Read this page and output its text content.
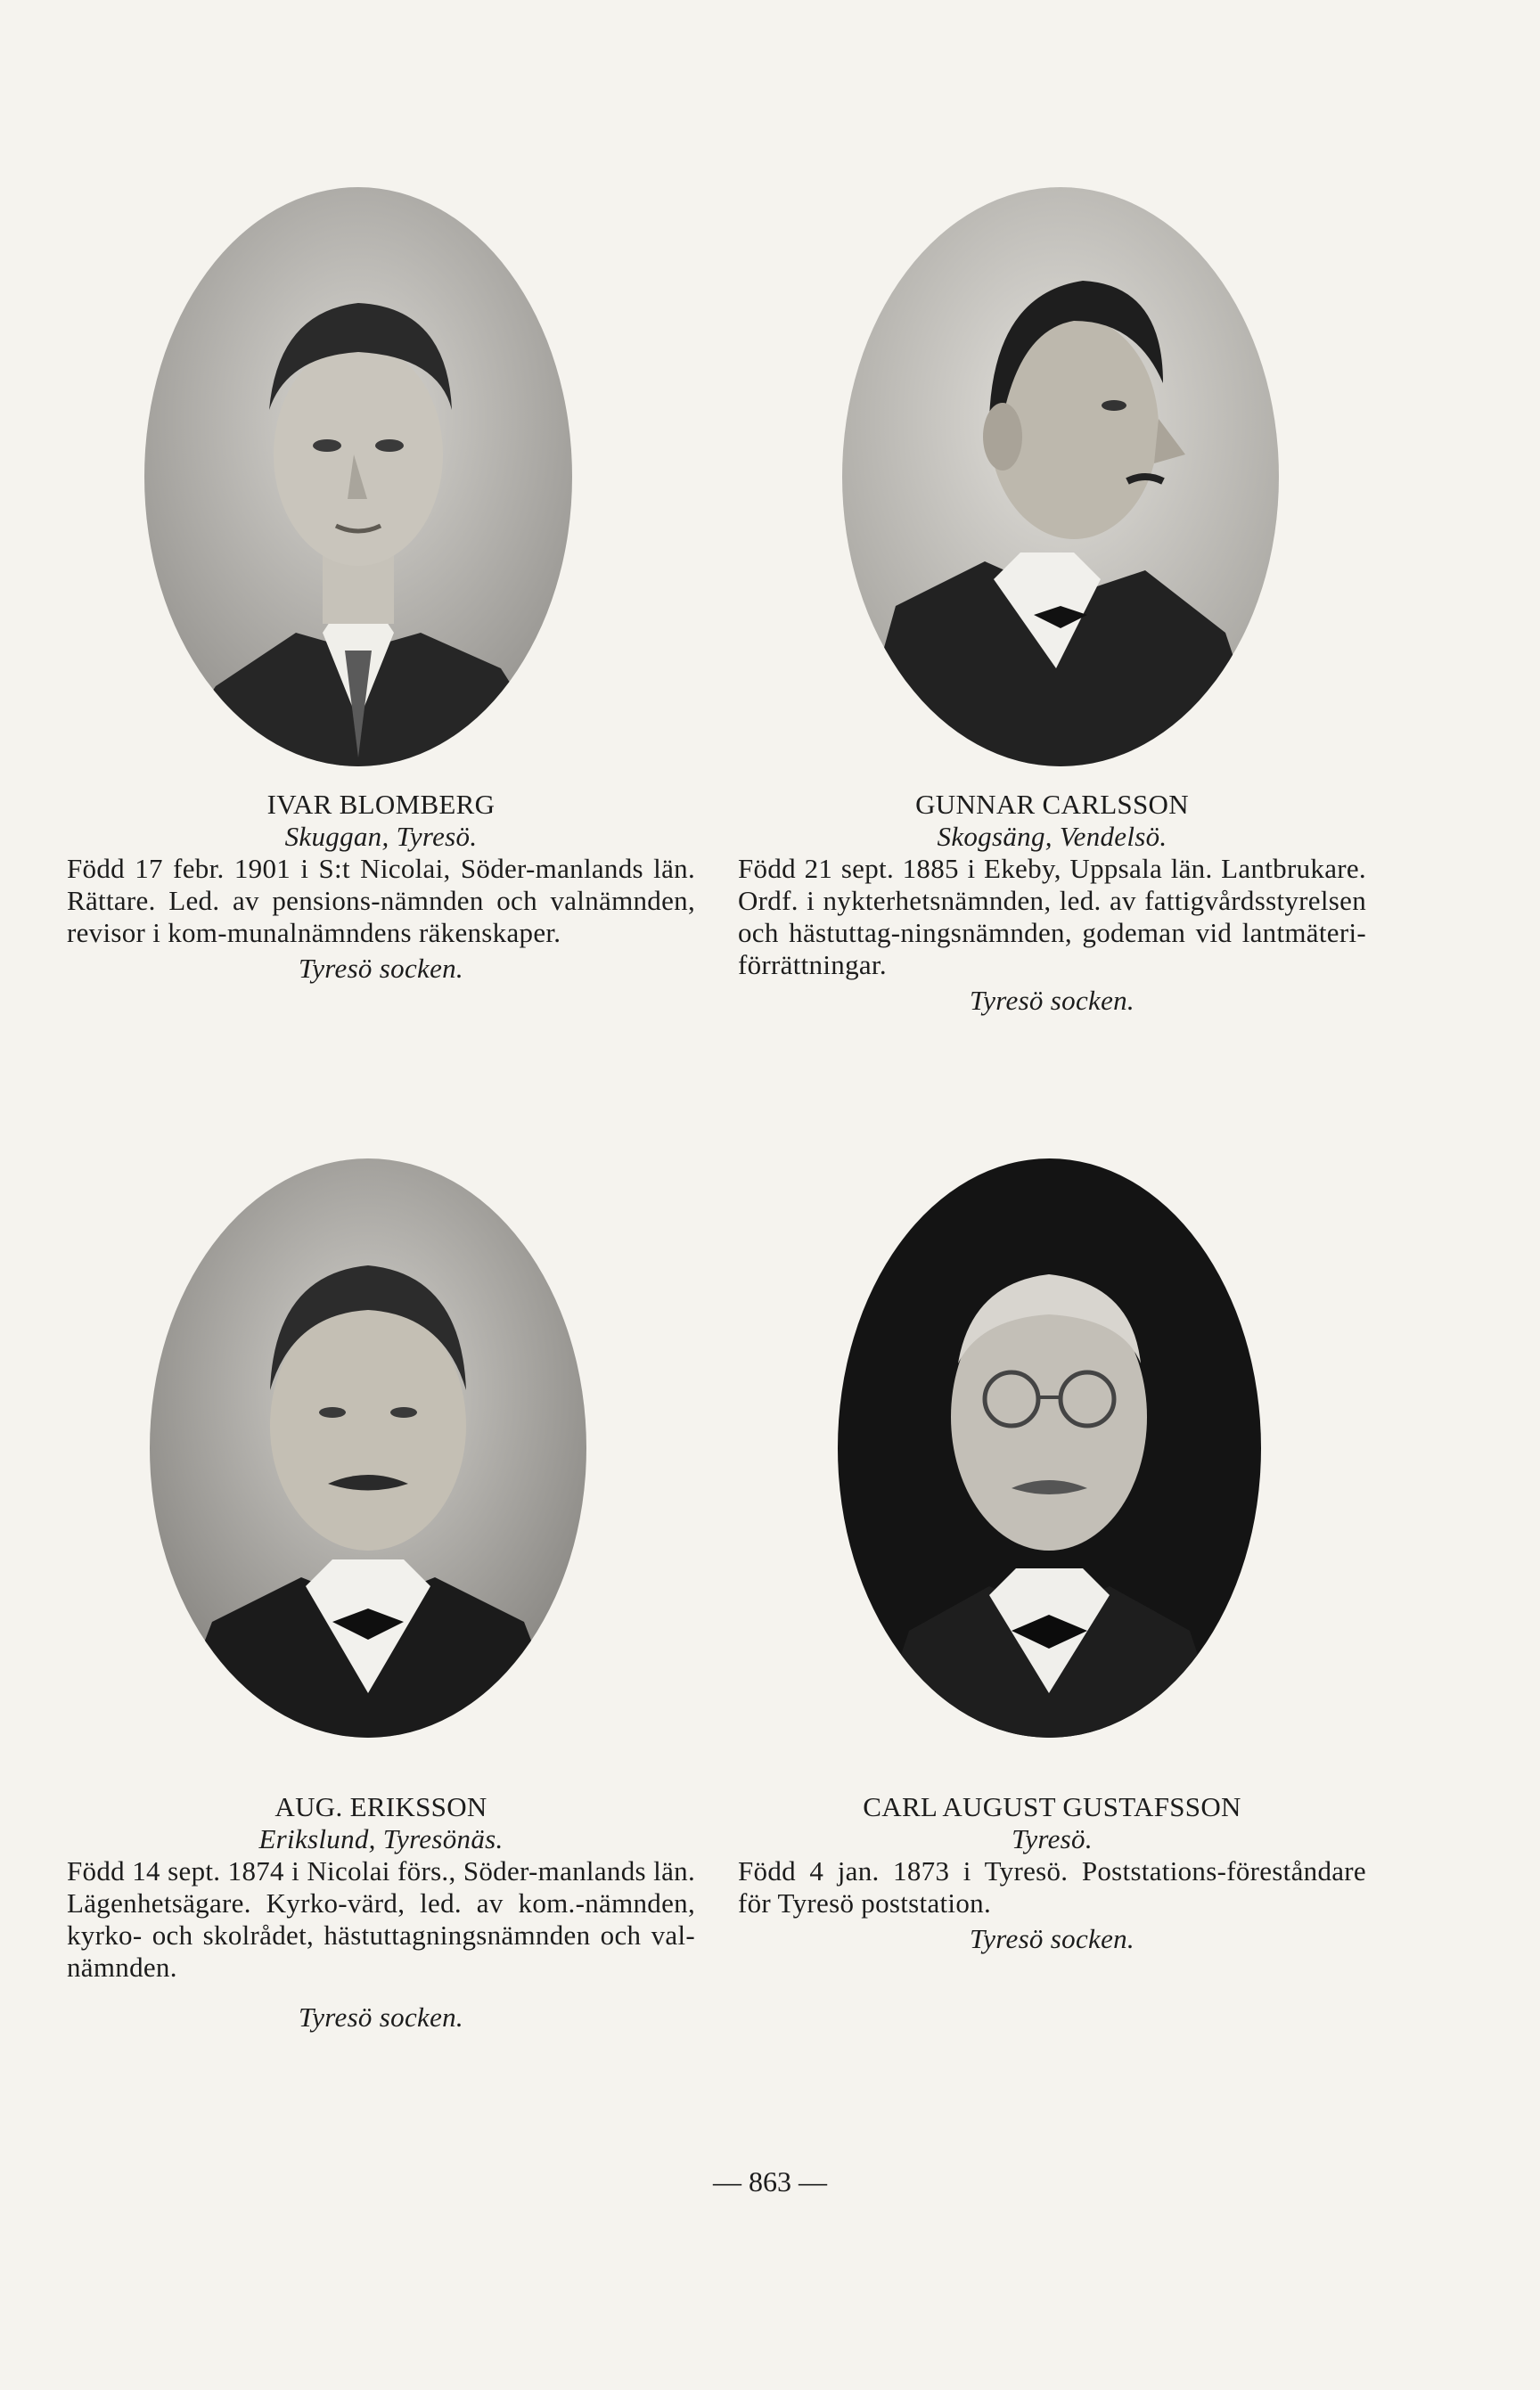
IVAR BLOMBERG
Skuggan, Tyresö.
Född 17 febr. 1901 i S:t Nicolai, Söder-manlands län. Rättare. Led. av pensions-nämnden och valnämnden, revisor i kom-munalnämndens räkenskaper.
Tyresö socken.
GUNNAR CARLSSON
Skogsäng, Vendelsö.
Född 21 sept. 1885 i Ekeby, Uppsala län. Lantbrukare. Ordf. i nykterhetsnämnden, led. av fattigvårdsstyrelsen och hästuttag-ningsnämnden, godeman vid lantmäteri-förrättningar.
Tyresö socken.
AUG. ERIKSSON
Erikslund, Tyresönäs.
Född 14 sept. 1874 i Nicolai förs., Söder-manlands län. Lägenhetsägare. Kyrko-värd, led. av kom.-nämnden, kyrko- och skolrådet, hästuttagningsnämnden och val-nämnden.
Tyresö socken.
CARL AUGUST GUSTAFSSON
Tyresö.
Född 4 jan. 1873 i Tyresö. Poststations-föreståndare för Tyresö poststation.
Tyresö socken.
— 863 —
